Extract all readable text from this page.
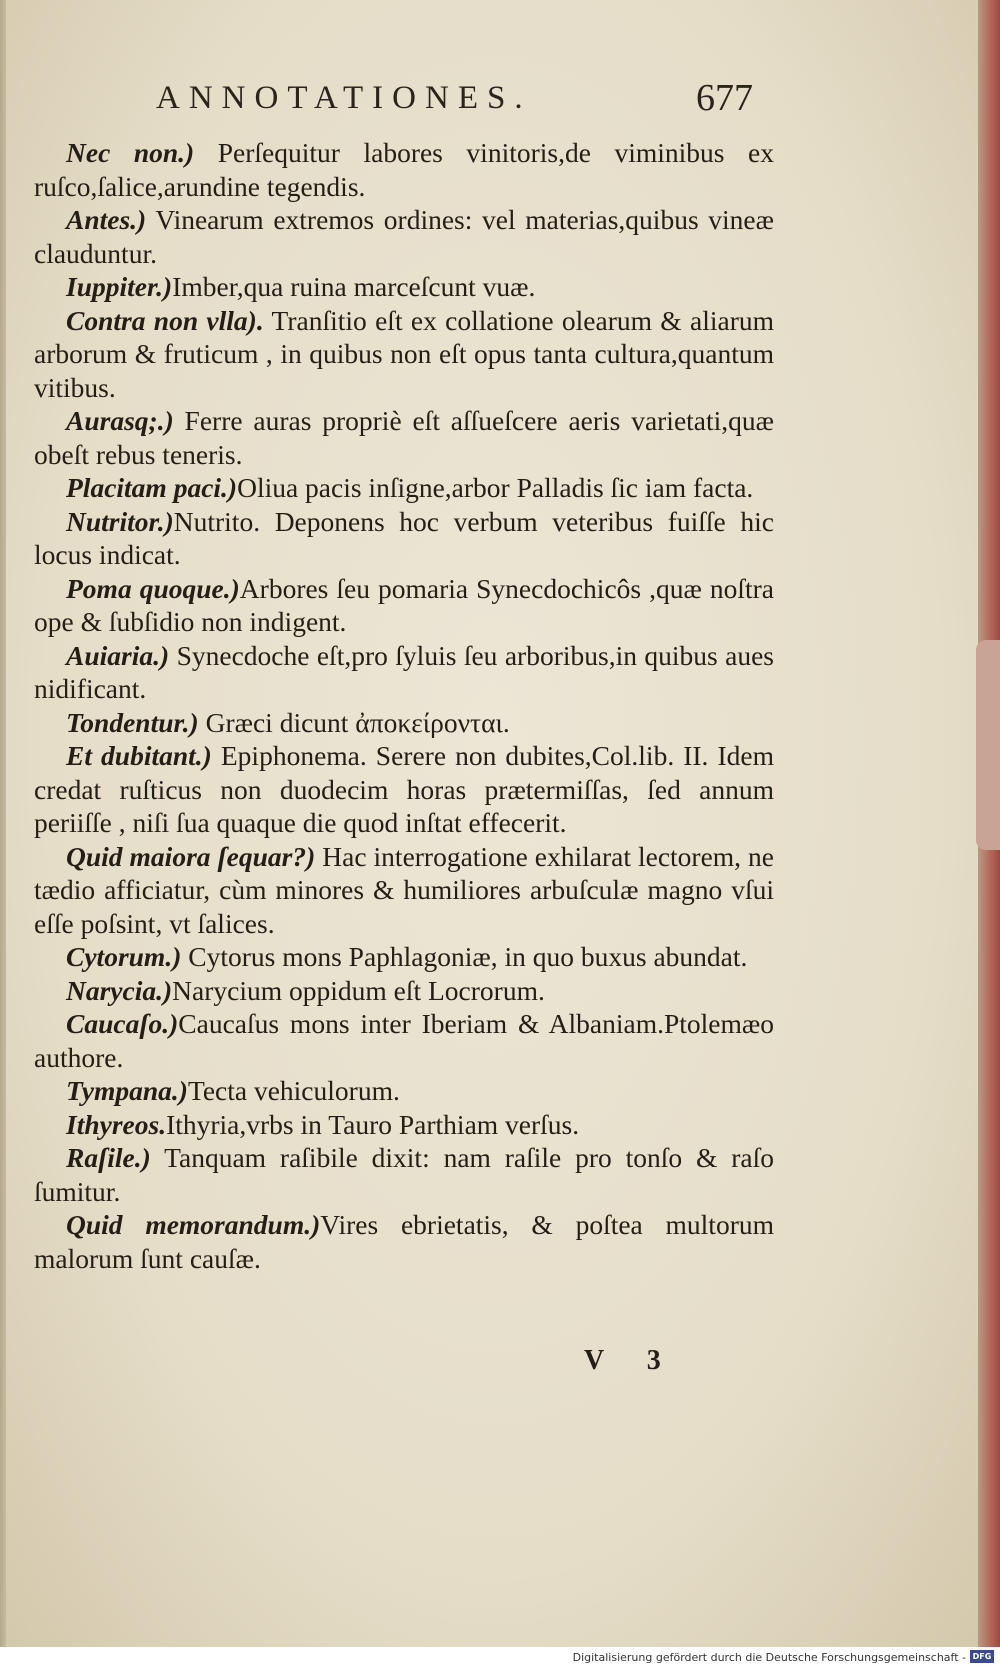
ANNOTATIONES.	677

Nec non.) Perſequitur labores vinitoris,de viminibus ex ruſco,ſalice,arundine tegendis.

Antes.) Vinearum extremos ordines: vel materias,quibus vineæ clauduntur.

Iuppiter.)Imber,qua ruina marceſcunt vuæ.

Contra non vlla). Tranſitio eſt ex collatione olearum & aliarum arborum & fruticum , in quibus non eſt opus tanta cultura,quantum vitibus.

Aurasq;.) Ferre auras propriè eſt aſſueſcere aeris varietati,quæ obeſt rebus teneris.

Placitam paci.)Oliua pacis inſigne,arbor Palladis ſic iam facta.

Nutritor.)Nutrito. Deponens hoc verbum veteribus fuiſſe hic locus indicat.

Poma quoque.)Arbores ſeu pomaria Synecdochicôs ,quæ noſtra ope & ſubſidio non indigent.

Auiaria.) Synecdoche eſt,pro ſyluis ſeu arboribus,in quibus aues nidificant.

Tondentur.) Græci dicunt ἀποκείρονται.

Et dubitant.) Epiphonema. Serere non dubites,Col.lib. II. Idem credat ruſticus non duodecim horas prætermiſſas, ſed annum periiſſe , niſi ſua quaque die quod inſtat effecerit.

Quid maiora ſequar?) Hac interrogatione exhilarat lectorem, ne tædio afficiatur, cùm minores & humiliores arbuſculæ magno vſui eſſe poſsint, vt ſalices.

Cytorum.) Cytorus mons Paphlagoniæ, in quo buxus abundat.

Narycia.)Narycium oppidum eſt Locrorum.

Caucaſo.)Caucaſus mons inter Iberiam & Albaniam.Ptolemæo authore.

Tympana.)Tecta vehiculorum.

Ithyreos.Ithyria,vrbs in Tauro Parthiam verſus.

Raſile.) Tanquam raſibile dixit: nam raſile pro tonſo & raſo ſumitur.

Quid memorandum.)Vires ebrietatis, & poſtea multorum malorum ſunt cauſæ.

V 3
Digitalisierung gefördert durch die Deutsche Forschungsgemeinschaft - DFG
